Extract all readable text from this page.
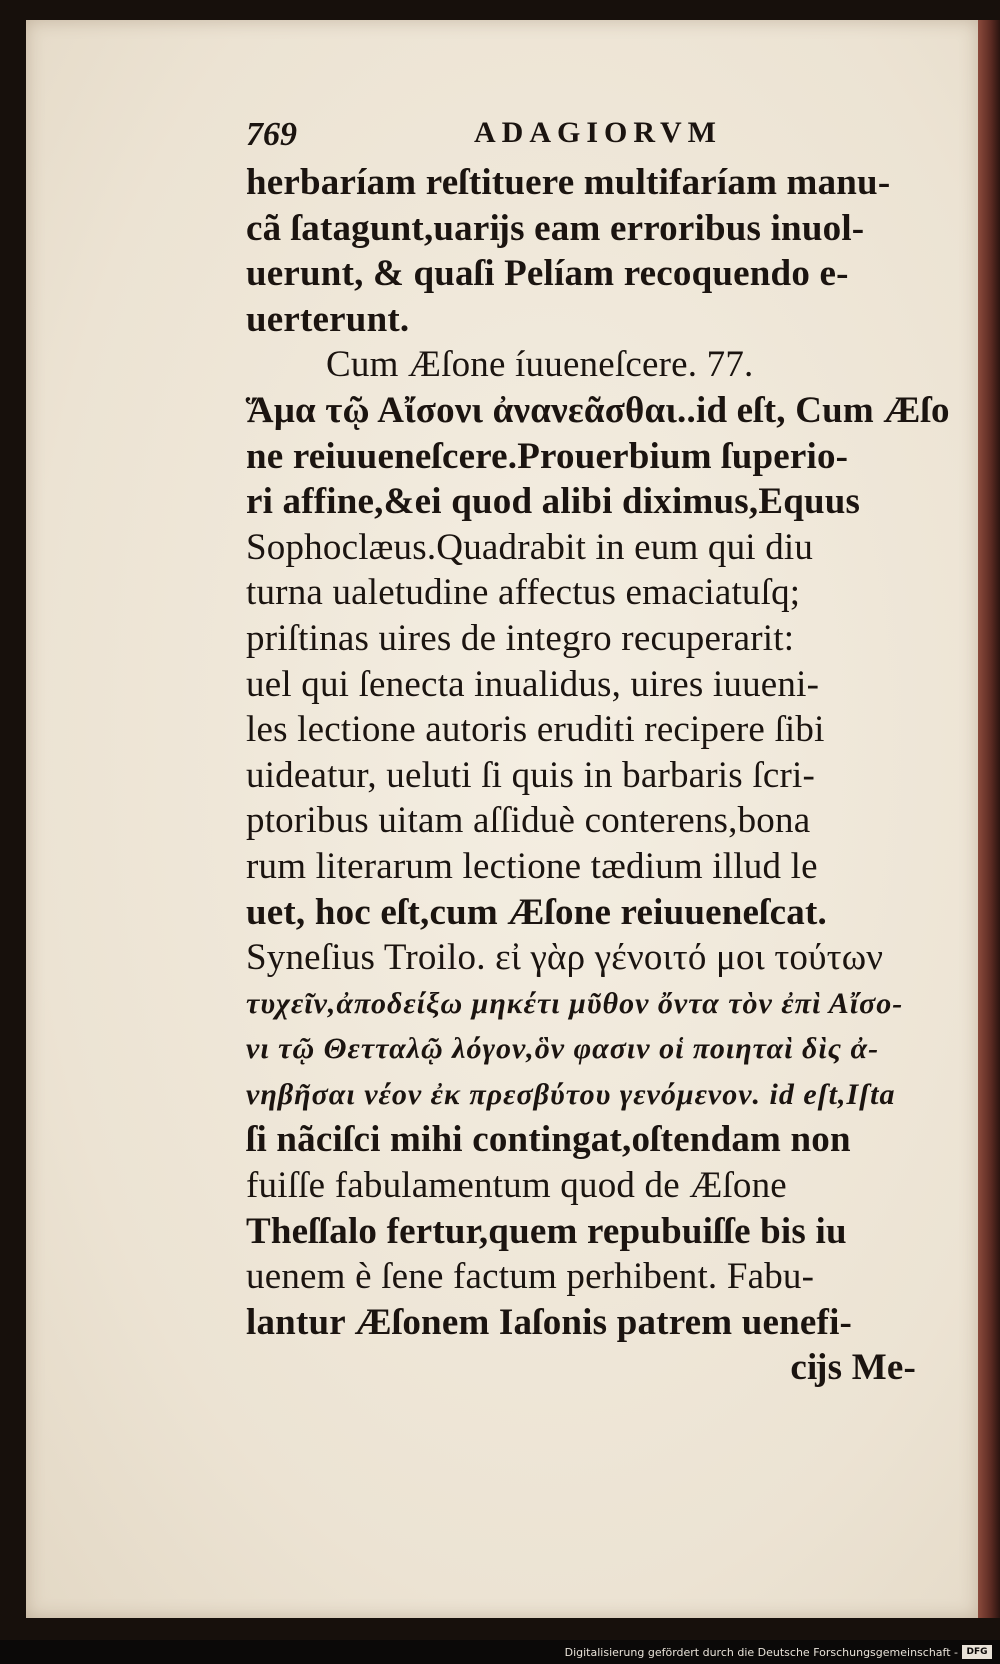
769	ADAGIORVM
herbaríam reſtituere multifaríam manu-
cã ſatagunt,uarĳs eam erroribus inuol-
uerunt, & quaſi Pelíam recoquendo e-
uerterunt.
Cum Æſone íuueneſcere. 77.
Ἅμα τῷ Αἴσονι ἀνανεᾶσθαι..id eſt, Cum Æſo
ne reiuueneſcere.Prouerbium ſuperio-
ri affine,&ei quod alibi diximus,Equus
Sophoclæus.Quadrabit in eum qui diu
turna ualetudine affectus emaciatuſq;
priſtinas uires de integro recuperarit:
uel qui ſenecta inualidus, uires iuueni-
les lectione autoris eruditi recipere ſibi
uideatur, ueluti ſi quis in barbaris ſcri-
ptoribus uitam aſſiduè conterens,bona
rum literarum lectione tædium illud le
uet, hoc eſt,cum Æſone reiuueneſcat.
Syneſius Troilo. εἰ γὰρ γένοιτό μοι τούτων
τυχεῖν,ἀποδείξω μηκέτι μῦθον ὄντα τὸν ἐπὶ Αἴσο-
νι τῷ Θετταλῷ λόγον,ὃν φασιν οἱ ποιηταὶ δὶς ἀ-
νηβῆσαι νέον ἐκ πρεσβύτου γενόμενον. id eſt,Iſta
ſi nãciſci mihi contingat,oſtendam non
fuiſſe fabulamentum quod de Æſone
Theſſalo fertur,quem repubuiſſe bis iu
uenem è ſene factum perhibent. Fabu-
lantur Æſonem Iaſonis patrem uenefi-
cĳs Me-
Digitalisierung gefördert durch die Deutsche Forschungsgemeinschaft - DFG
